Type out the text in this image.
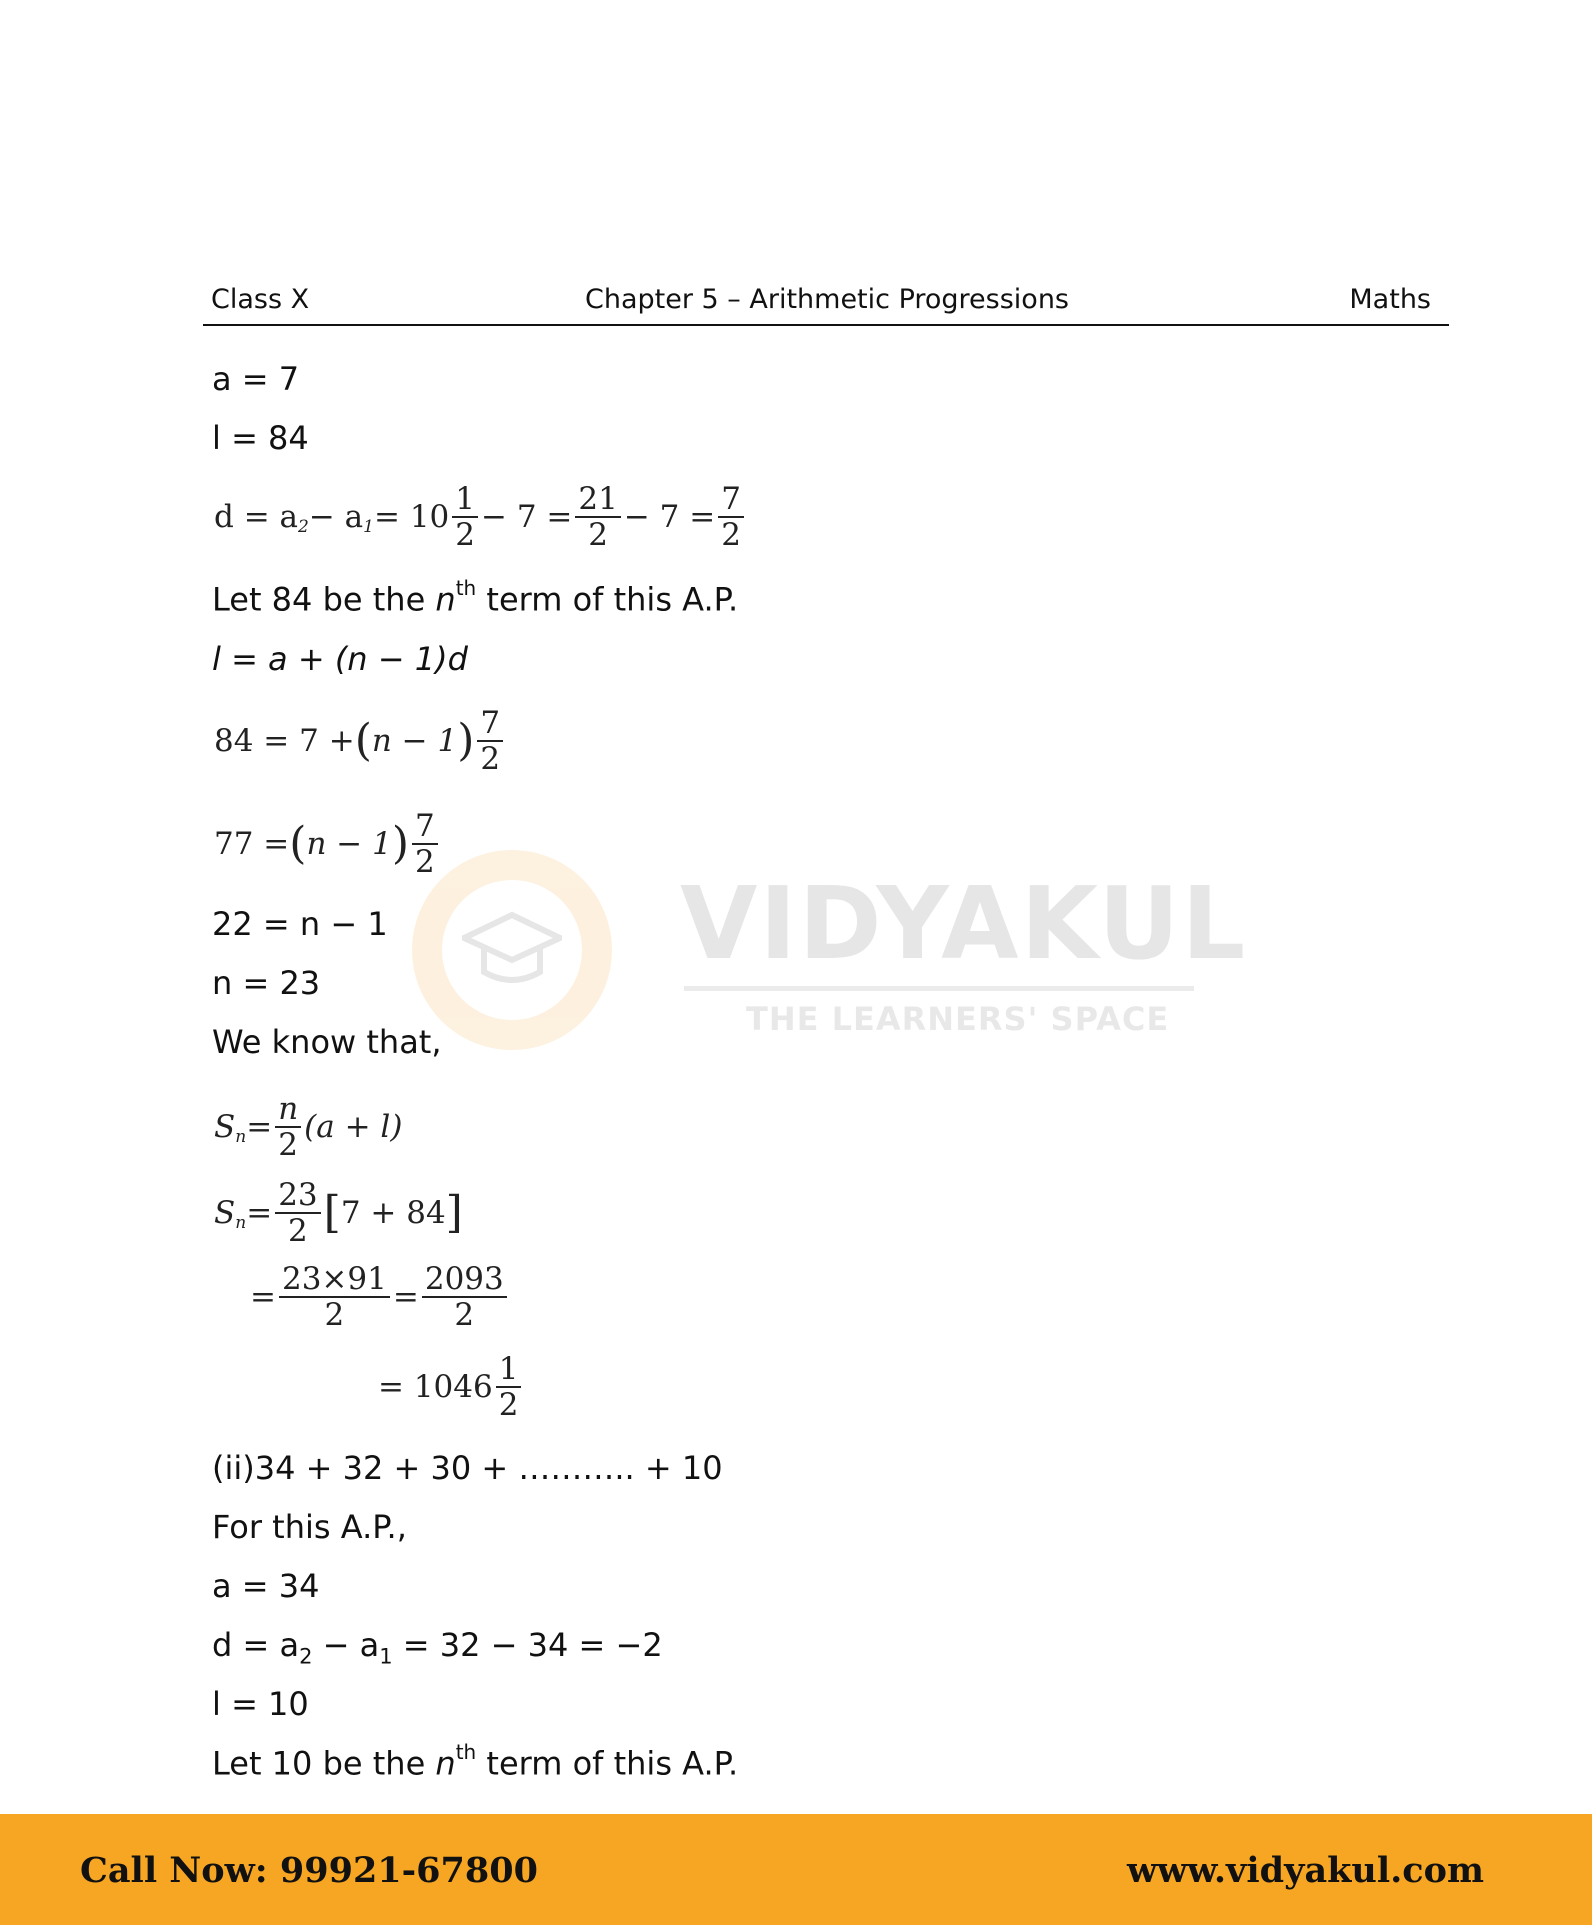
Class X	Chapter 5 – Arithmetic Progressions	Maths
VIDYAKUL
THE LEARNERS' SPACE
a = 7
l = 84
d = a 2 − a $1 = 10 \frac{1}{2} - 7 = \frac{21}{2} - 7 = \frac{7}{2}$
Let 84 be the $n^{th}$ term of this A.P.
l = a + (n − 1)d
84 = 7 + ( n − 1 ) $\frac{7}{2}$
77 = ( n − 1 ) $\frac{7}{2}$
22 = n − 1
n = 23
We know that,
S $n = \frac{n}{2} (a + l)$
S $n = \frac{23}{2}$ [ 7 + 84 ]
= $\frac{23\times 91}{2} = \frac{2093}{2}$
= $1046 \frac{1}{2}$
(ii)34 + 32 + 30 + ……….. + 10
For this A.P.,
a = 34
$d = a_2 - a_1 = 32 - 34 = -2$
l = 10
Let 10 be the $n^{th}$ term of this A.P.
Call Now: 99921-67800	www.vidyakul.com
